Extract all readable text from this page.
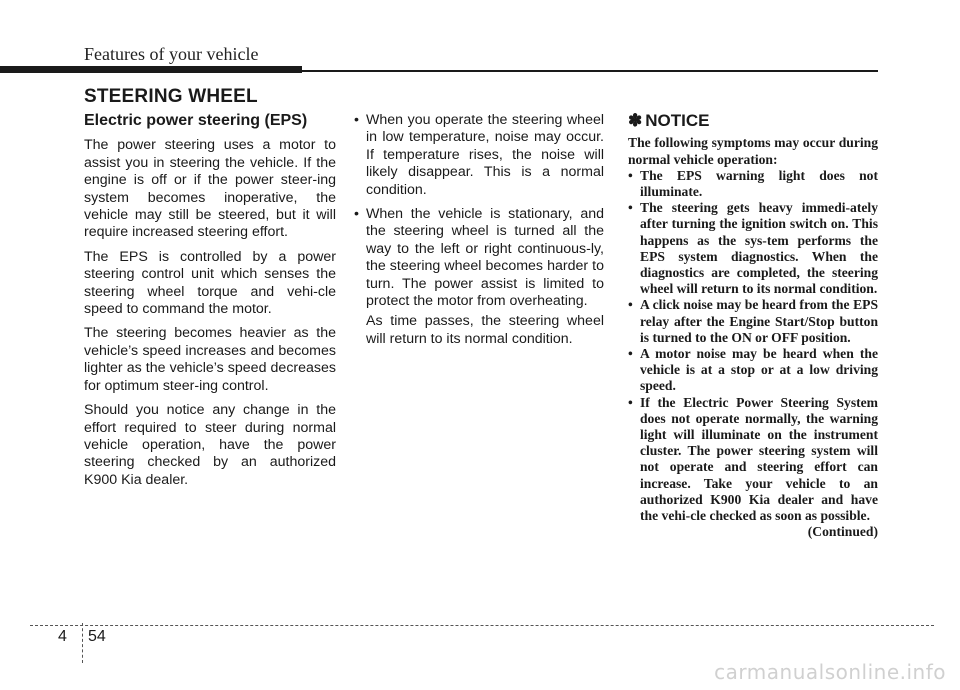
Features of your vehicle
STEERING WHEEL
Electric power steering (EPS)

The power steering uses a motor to assist you in steering the vehicle. If the engine is off or if the power steer-ing system becomes inoperative, the vehicle may still be steered, but it will require increased steering effort.

The EPS is controlled by a power steering control unit which senses the steering wheel torque and vehi-cle speed to command the motor.

The steering becomes heavier as the vehicle’s speed increases and becomes lighter as the vehicle’s speed decreases for optimum steer-ing control.

Should you notice any change in the effort required to steer during normal vehicle operation, have the power steering checked by an authorized K900 Kia dealer.

• When you operate the steering wheel in low temperature, noise may occur. If temperature rises, the noise will likely disappear. This is a normal condition.

• When the vehicle is stationary, and the steering wheel is turned all the way to the left or right continuous-ly, the steering wheel becomes harder to turn. The power assist is limited to protect the motor from overheating.

As time passes, the steering wheel will return to its normal condition.

✽ NOTICE

The following symptoms may occur during normal vehicle operation:

• The EPS warning light does not illuminate.

• The steering gets heavy immedi-ately after turning the ignition switch on. This happens as the sys-tem performs the EPS system diagnostics. When the diagnostics are completed, the steering wheel will return to its normal condition.

• A click noise may be heard from the EPS relay after the Engine Start/Stop button is turned to the ON or OFF position.

• A motor noise may be heard when the vehicle is at a stop or at a low driving speed.

• If the Electric Power Steering System does not operate normally, the warning light will illuminate on the instrument cluster. The power steering system will not operate and steering effort can increase. Take your vehicle to an authorized K900 Kia dealer and have the vehi-cle checked as soon as possible.

(Continued)

4 54
carmanualsonline.info
